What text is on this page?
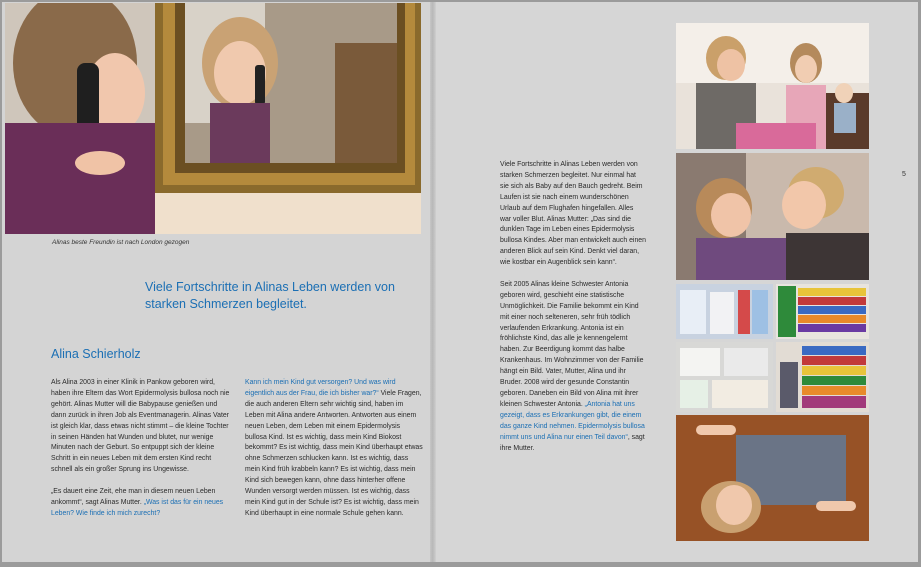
Alinas beste Freundin ist nach London gezogen
Viele Fortschritte in Alinas Leben werden von starken Schmerzen begleitet.
Alina Schierholz

Als Alina 2003 in einer Klinik in Pankow geboren wird, haben ihre Eltern das Wort Epidermolysis bullosa noch nie gehört. Alinas Mutter will die Babypause genießen und dann zurück in ihren Job als Eventmanagerin. Alinas Vater ist gleich klar, dass etwas nicht stimmt – die kleine Tochter in seinen Händen hat Wunden und blutet, nur wenige Minuten nach der Geburt. So entpuppt sich der kleine Schritt in ein neues Leben mit dem ersten Kind recht schnell als ein großer Sprung ins Ungewisse.

„Es dauert eine Zeit, ehe man in diesem neuen Leben ankommt“, sagt Alinas Mutter. „Was ist das für ein neues Leben? Wie finde ich mich zurecht?

Kann ich mein Kind gut versorgen? Und was wird eigentlich aus der Frau, die ich bisher war?“ Viele Fragen, die auch anderen Eltern sehr wichtig sind, haben im Leben mit Alina andere Antworten. Antworten aus einem neuen Leben, dem Leben mit einem Epidermolysis bullosa Kind. Ist es wichtig, dass mein Kind Biokost bekommt? Es ist wichtig, dass mein Kind überhaupt etwas ohne Schmerzen schlucken kann. Ist es wichtig, dass mein Kind früh krabbeln kann? Es ist wichtig, dass mein Kind sich bewegen kann, ohne dass hinterher offene Wunden versorgt werden müssen. Ist es wichtig, dass mein Kind gut in der Schule ist? Es ist wichtig, dass mein Kind überhaupt in eine normale Schule gehen kann.

Viele Fortschritte in Alinas Leben werden von starken Schmerzen begleitet. Nur einmal hat sie sich als Baby auf den Bauch gedreht. Beim Laufen ist sie nach einem wunderschönen Urlaub auf dem Flughafen hingefallen. Alles war voller Blut. Alinas Mutter: „Das sind die dunklen Tage im Leben eines Epidermolysis bullosa Kindes. Aber man entwickelt auch einen anderen Blick auf sein Kind. Denkt viel daran, wie kostbar ein Augenblick sein kann“.

Seit 2005 Alinas kleine Schwester Antonia geboren wird, geschieht eine statistische Unmöglichkeit. Die Familie bekommt ein Kind mit einer noch selteneren, sehr früh tödlich verlaufenden Erkrankung. Antonia ist ein fröhlichste Kind, das alle je kennengelernt haben. Zur Beerdigung kommt das halbe Krankenhaus. Im Wohnzimmer von der Familie hängt ein Bild. Vater, Mutter, Alina und ihr Bruder. 2008 wird der gesunde Constantin geboren. Daneben ein Bild von Alina mit ihrer kleinen Schwester Antonia. „Antonia hat uns gezeigt, dass es Erkrankungen gibt, die einem das ganze Kind nehmen. Epidermolysis bullosa nimmt uns und Alina nur einen Teil davon“, sagt ihre Mutter.

5
